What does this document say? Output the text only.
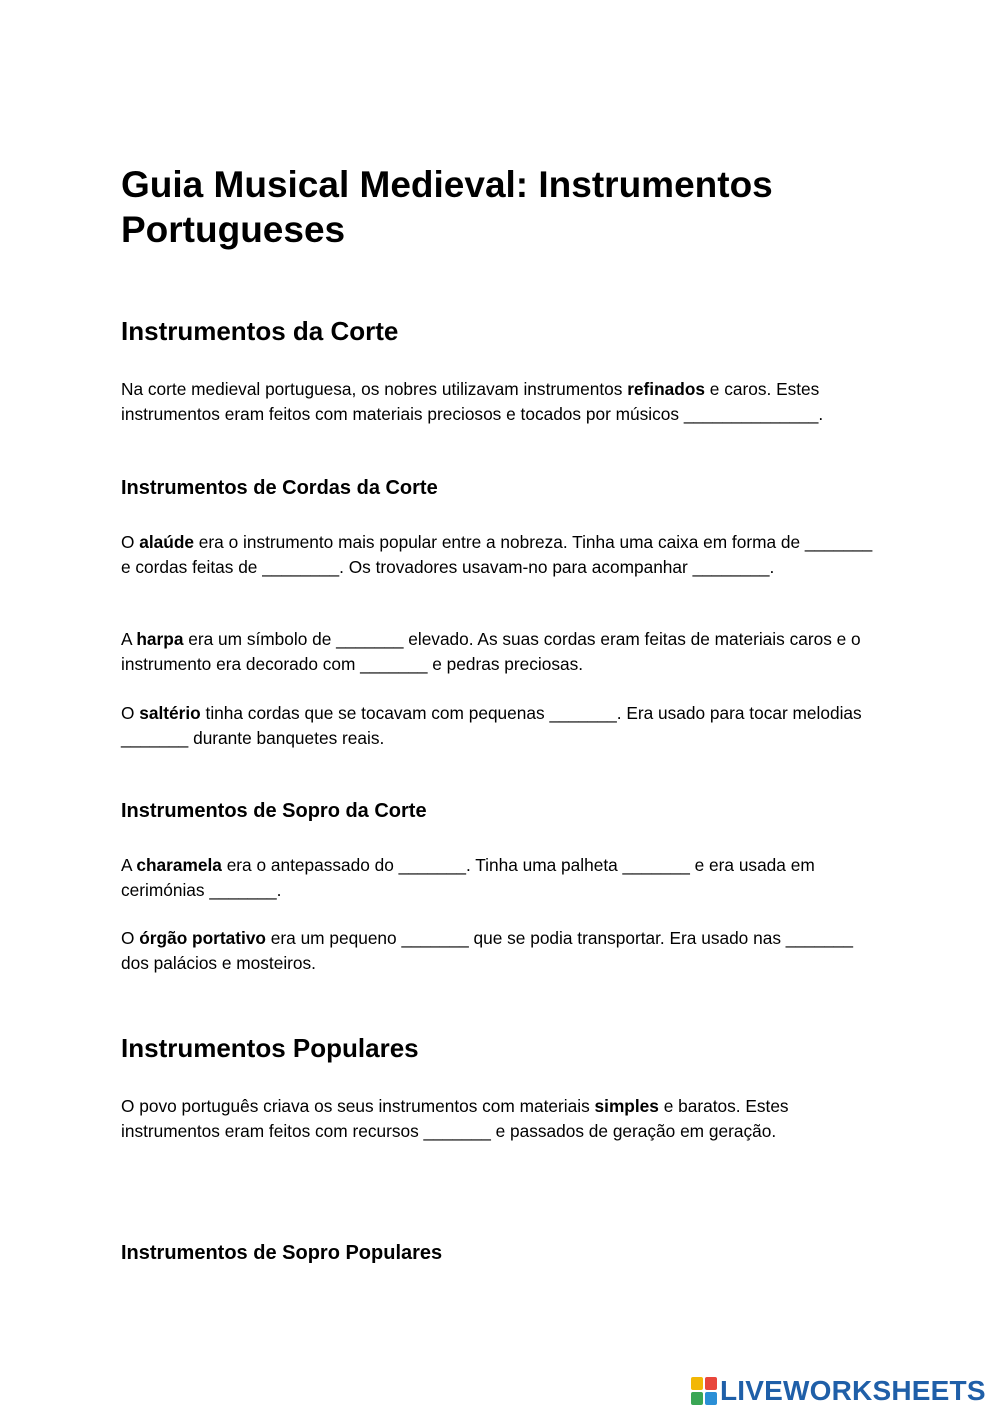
Guia Musical Medieval: Instrumentos Portugueses
Instrumentos da Corte

Na corte medieval portuguesa, os nobres utilizavam instrumentos refinados e caros. Estes instrumentos eram feitos com materiais preciosos e tocados por músicos ______________.

Instrumentos de Cordas da Corte

O alaúde era o instrumento mais popular entre a nobreza. Tinha uma caixa em forma de _______ e cordas feitas de ________. Os trovadores usavam-no para acompanhar ________.

A harpa era um símbolo de _______ elevado. As suas cordas eram feitas de materiais caros e o instrumento era decorado com _______ e pedras preciosas.

O saltério tinha cordas que se tocavam com pequenas _______. Era usado para tocar melodias _______ durante banquetes reais.

Instrumentos de Sopro da Corte

A charamela era o antepassado do _______. Tinha uma palheta _______ e era usada em cerimónias _______.

O órgão portativo era um pequeno _______ que se podia transportar. Era usado nas _______ dos palácios e mosteiros.

Instrumentos Populares

O povo português criava os seus instrumentos com materiais simples e baratos. Estes instrumentos eram feitos com recursos _______ e passados de geração em geração.

Instrumentos de Sopro Populares
LIVEWORKSHEETS
